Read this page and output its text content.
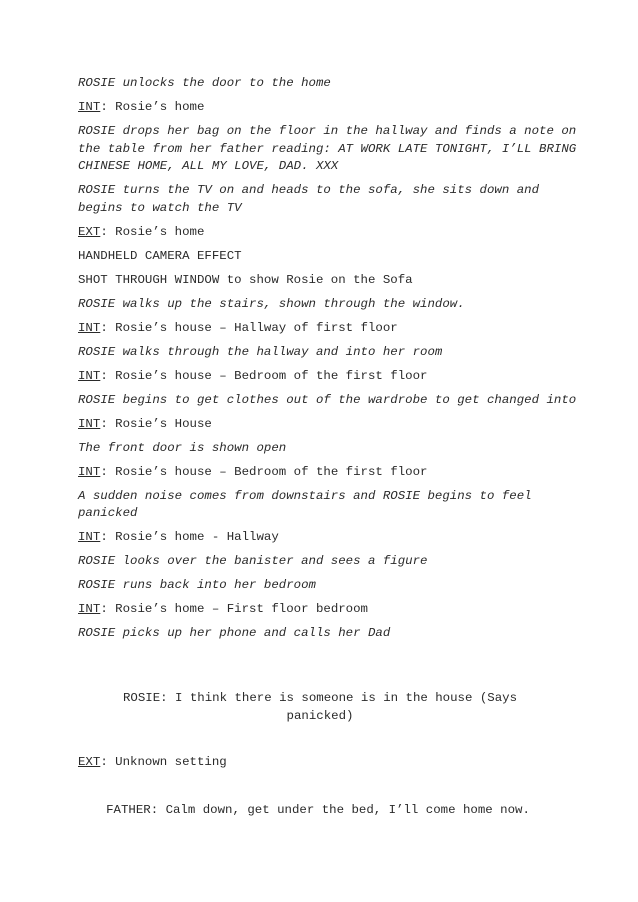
ROSIE unlocks the door to the home

INT: Rosie’s home

ROSIE drops her bag on the floor in the hallway and finds a note on the table from her father reading: AT WORK LATE TONIGHT, I’LL BRING CHINESE HOME, ALL MY LOVE, DAD. XXX

ROSIE turns the TV on and heads to the sofa, she sits down and begins to watch the TV

EXT: Rosie’s home

HANDHELD CAMERA EFFECT

SHOT THROUGH WINDOW to show Rosie on the Sofa

ROSIE walks up the stairs, shown through the window.

INT: Rosie’s house – Hallway of first floor

ROSIE walks through the hallway and into her room

INT: Rosie’s house – Bedroom of the first floor

ROSIE begins to get clothes out of the wardrobe to get changed into

INT: Rosie’s House

The front door is shown open

INT: Rosie’s house – Bedroom of the first floor

A sudden noise comes from downstairs and ROSIE begins to feel panicked

INT: Rosie’s home - Hallway

ROSIE looks over the banister and sees a figure

ROSIE runs back into her bedroom

INT: Rosie’s home – First floor bedroom

ROSIE picks up her phone and calls her Dad

ROSIE: I think there is someone is in the house (Says panicked)
EXT: Unknown setting
FATHER: Calm down, get under the bed, I’ll come home now.
